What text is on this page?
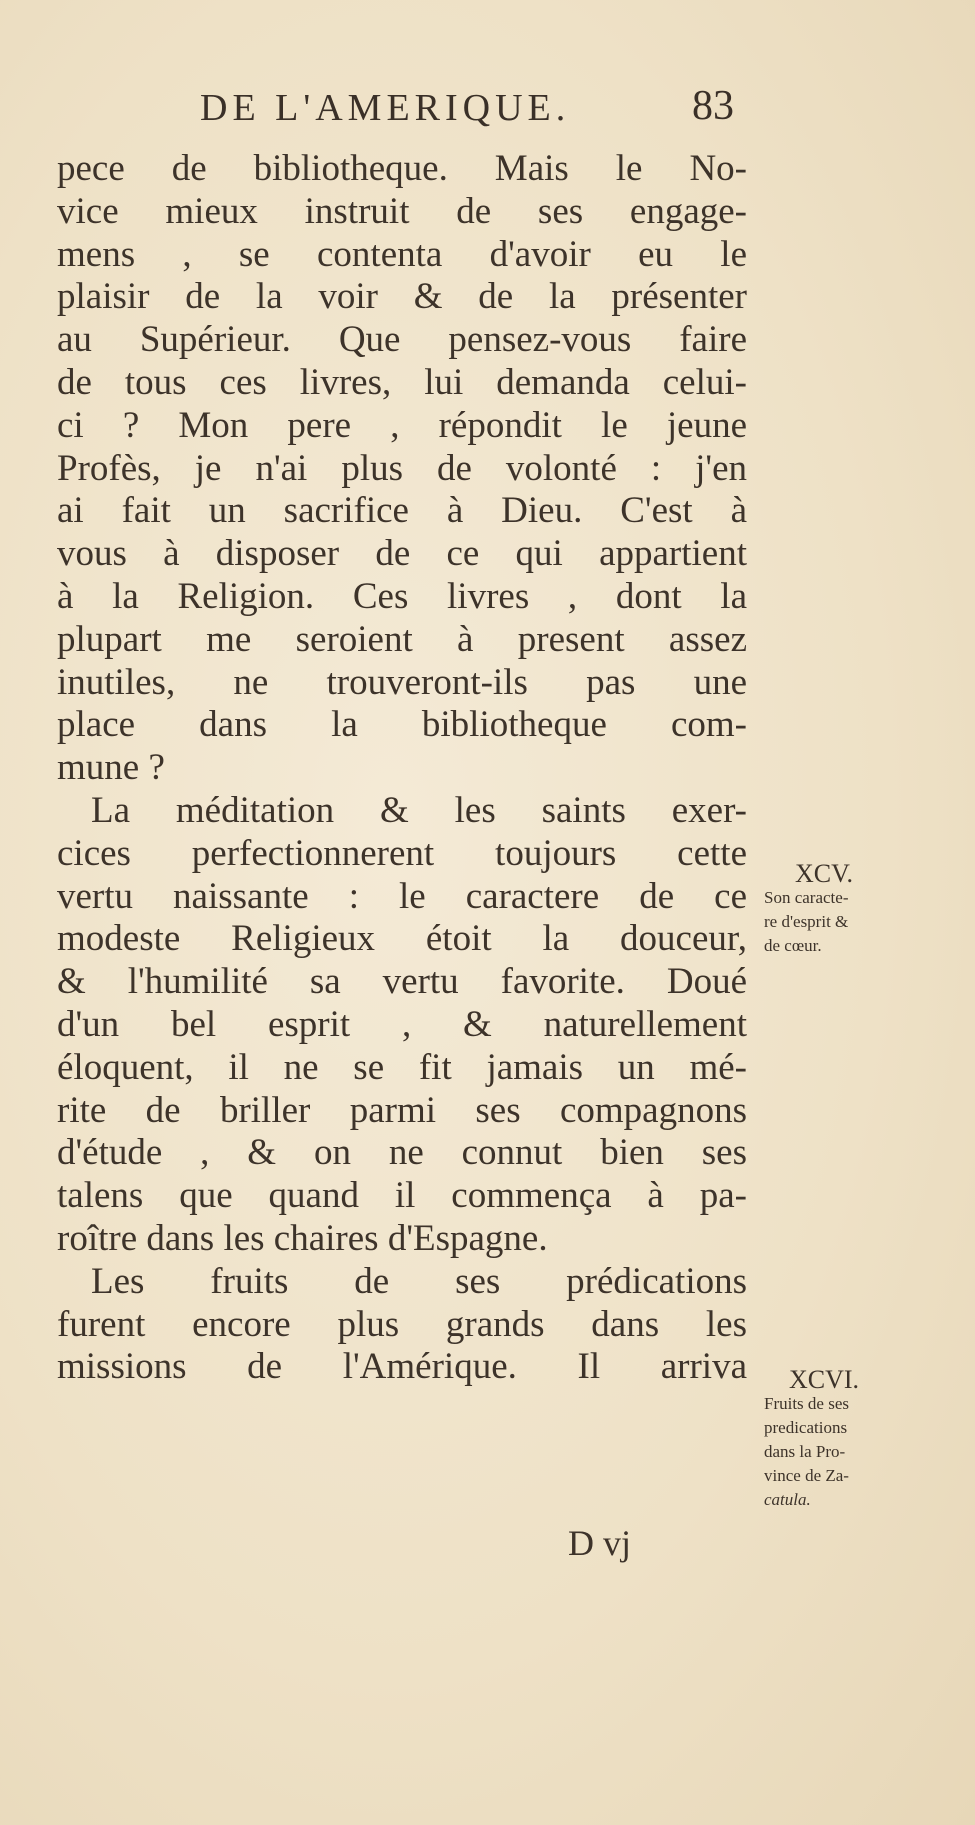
DE L'AMERIQUE.	83
pece de bibliotheque. Mais le No-
vice mieux instruit de ses engage-
mens , se contenta d'avoir eu le
plaisir de la voir & de la présenter
au Supérieur. Que pensez-vous faire
de tous ces livres, lui demanda celui-
ci ? Mon pere , répondit le jeune
Profès, je n'ai plus de volonté : j'en
ai fait un sacrifice à Dieu. C'est à
vous à disposer de ce qui appartient
à la Religion. Ces livres , dont la
plupart me seroient à present assez
inutiles, ne trouveront-ils pas une
place dans la bibliotheque com-
mune ?
La méditation & les saints exer-
cices perfectionnerent toujours cette
vertu naissante : le caractere de ce
modeste Religieux étoit la douceur,
& l'humilité sa vertu favorite. Doué
d'un bel esprit , & naturellement
éloquent, il ne se fit jamais un mé-
rite de briller parmi ses compagnons
d'étude , & on ne connut bien ses
talens que quand il commença à pa-
roître dans les chaires d'Espagne.
Les fruits de ses prédications
furent encore plus grands dans les
missions de l'Amérique. Il arriva
D vj
XCV.
Son caracte-
re d'esprit &
de cœur.
XCVI.
Fruits de ses
predications
dans la Pro-
vince de Za-
catula.
